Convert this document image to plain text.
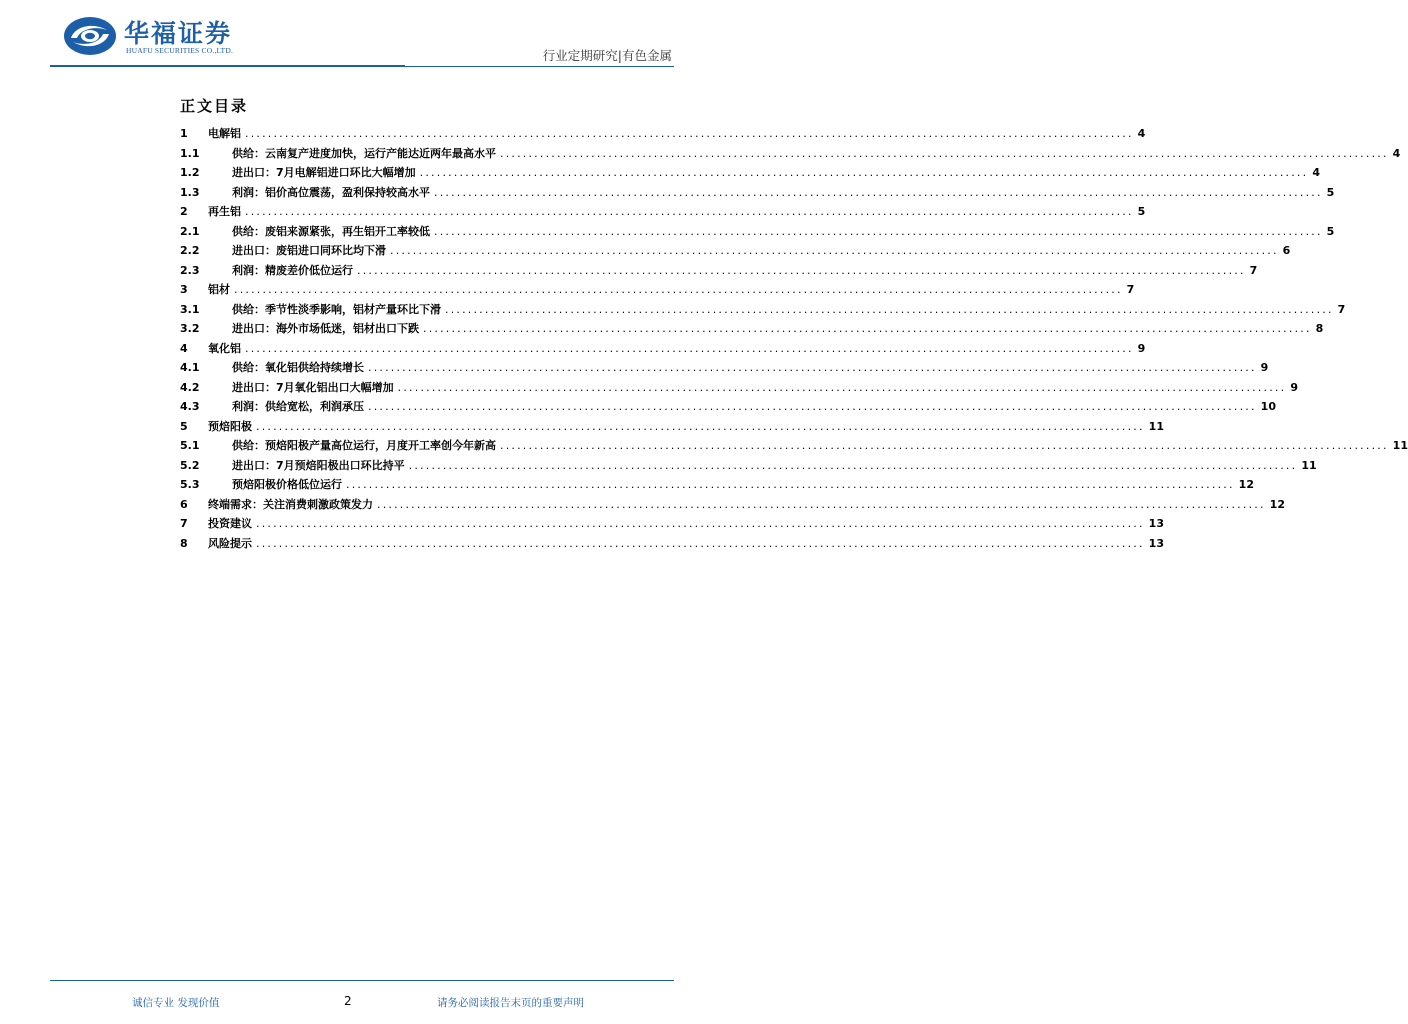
华福证券
HUAFU SECURITIES CO.,LTD.	行业定期研究|有色金属
正文目录
1	电解铝 ............................................................................................................................................................ 4
1.1	供给：云南复产进度加快，运行产能达近两年最高水平 ............................................................................................................................................................ 4
1.2	进出口：7月电解铝进口环比大幅增加 ............................................................................................................................................................ 4
1.3	利润：铝价高位震荡，盈利保持较高水平 ............................................................................................................................................................ 5
2	再生铝 ............................................................................................................................................................ 5
2.1	供给：废铝来源紧张，再生铝开工率较低 ............................................................................................................................................................ 5
2.2	进出口：废铝进口同环比均下滑 ............................................................................................................................................................ 6
2.3	利润：精废差价低位运行 ............................................................................................................................................................ 7
3	铝材 ............................................................................................................................................................ 7
3.1	供给：季节性淡季影响，铝材产量环比下滑 ............................................................................................................................................................ 7
3.2	进出口：海外市场低迷，铝材出口下跌 ............................................................................................................................................................ 8
4	氧化铝 ............................................................................................................................................................ 9
4.1	供给：氧化铝供给持续增长 ............................................................................................................................................................ 9
4.2	进出口：7月氧化铝出口大幅增加 ............................................................................................................................................................ 9
4.3	利润：供给宽松，利润承压 ............................................................................................................................................................ 10
5	预焙阳极 ............................................................................................................................................................ 11
5.1	供给：预焙阳极产量高位运行，月度开工率创今年新高 ............................................................................................................................................................ 11
5.2	进出口：7月预焙阳极出口环比持平 ............................................................................................................................................................ 11
5.3	预焙阳极价格低位运行 ............................................................................................................................................................ 12
6	终端需求：关注消费刺激政策发力 ............................................................................................................................................................ 12
7	投资建议 ............................................................................................................................................................ 13
8	风险提示 ............................................................................................................................................................ 13
诚信专业 发现价值	2	请务必阅读报告末页的重要声明
